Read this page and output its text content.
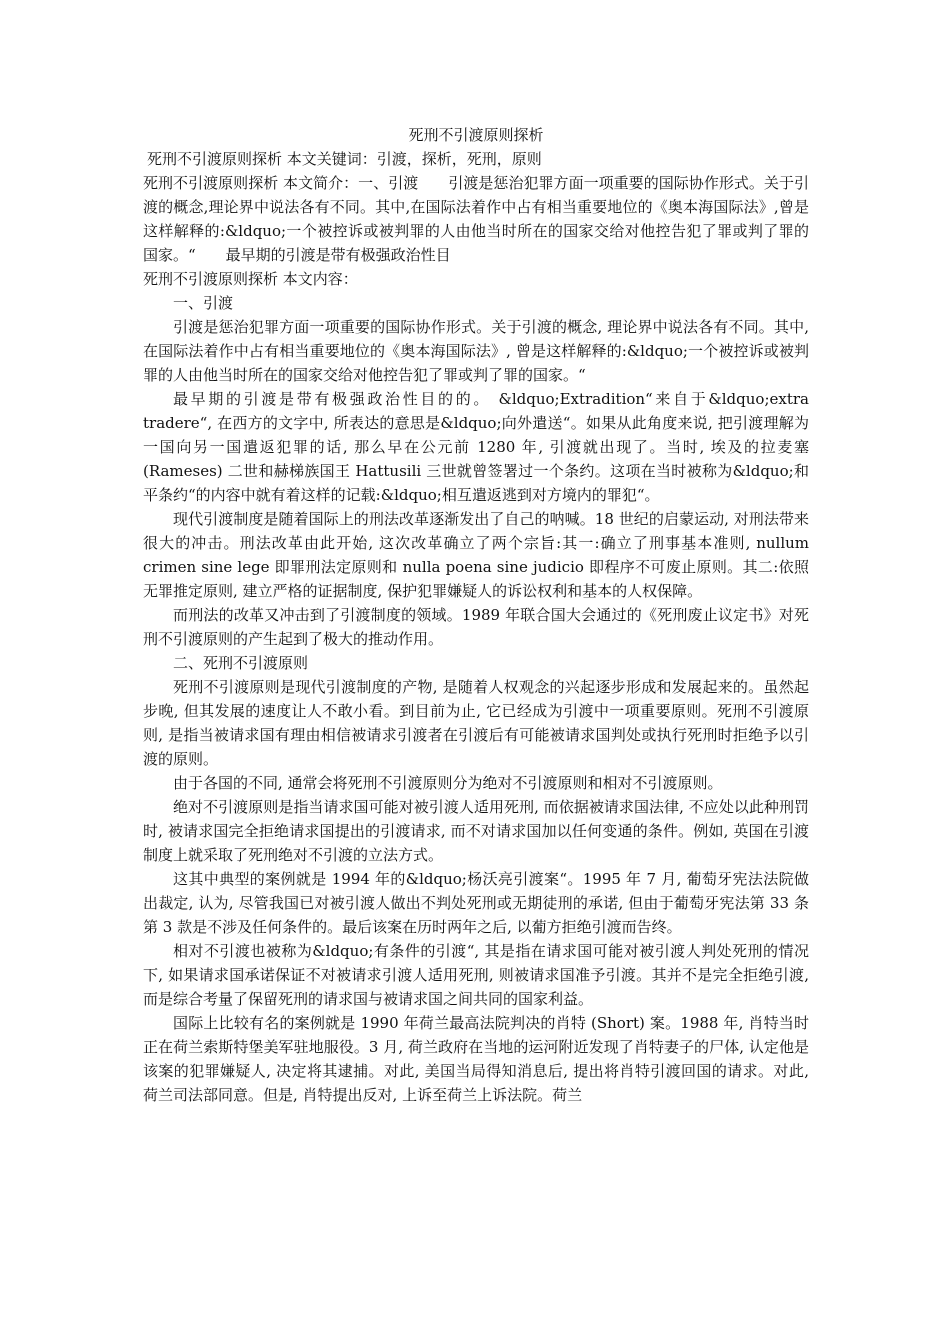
死刑不引渡原则探析

死刑不引渡原则探析 本文关键词：引渡，探析，死刑，原则

死刑不引渡原则探析 本文简介：一、引渡　　引渡是惩治犯罪方面一项重要的国际协作形式。关于引渡的概念,理论界中说法各有不同。其中,在国际法着作中占有相当重要地位的《奥本海国际法》,曾是这样解释的:&ldquo;一个被控诉或被判罪的人由他当时所在的国家交给对他控告犯了罪或判了罪的国家。“　　最早期的引渡是带有极强政治性目

死刑不引渡原则探析 本文内容：

一、引渡

引渡是惩治犯罪方面一项重要的国际协作形式。关于引渡的概念, 理论界中说法各有不同。其中, 在国际法着作中占有相当重要地位的《奥本海国际法》, 曾是这样解释的:&ldquo;一个被控诉或被判罪的人由他当时所在的国家交给对他控告犯了罪或判了罪的国家。“

最早期的引渡是带有极强政治性目的的。 &ldquo;Extradition“来自于&ldquo;extra tradere“, 在西方的文字中, 所表达的意思是&ldquo;向外遣送“。如果从此角度来说, 把引渡理解为一国向另一国遣返犯罪的话, 那么早在公元前 1280 年, 引渡就出现了。当时, 埃及的拉麦塞 (Rameses) 二世和赫梯族国王 Hattusili 三世就曾签署过一个条约。这项在当时被称为&ldquo;和平条约“的内容中就有着这样的记载:&ldquo;相互遣返逃到对方境内的罪犯“。

现代引渡制度是随着国际上的刑法改革逐渐发出了自己的呐喊。18 世纪的启蒙运动, 对刑法带来很大的冲击。刑法改革由此开始, 这次改革确立了两个宗旨:其一:确立了刑事基本准则, nullum crimen sine lege 即罪刑法定原则和 nulla poena sine judicio 即程序不可废止原则。其二:依照无罪推定原则, 建立严格的证据制度, 保护犯罪嫌疑人的诉讼权利和基本的人权保障。

而刑法的改革又冲击到了引渡制度的领域。1989 年联合国大会通过的《死刑废止议定书》对死刑不引渡原则的产生起到了极大的推动作用。

二、死刑不引渡原则

死刑不引渡原则是现代引渡制度的产物, 是随着人权观念的兴起逐步形成和发展起来的。虽然起步晚, 但其发展的速度让人不敢小看。到目前为止, 它已经成为引渡中一项重要原则。死刑不引渡原则, 是指当被请求国有理由相信被请求引渡者在引渡后有可能被请求国判处或执行死刑时拒绝予以引渡的原则。

由于各国的不同, 通常会将死刑不引渡原则分为绝对不引渡原则和相对不引渡原则。

绝对不引渡原则是指当请求国可能对被引渡人适用死刑, 而依据被请求国法律, 不应处以此种刑罚时, 被请求国完全拒绝请求国提出的引渡请求, 而不对请求国加以任何变通的条件。例如, 英国在引渡制度上就采取了死刑绝对不引渡的立法方式。

这其中典型的案例就是 1994 年的&ldquo;杨沃亮引渡案“。1995 年 7 月, 葡萄牙宪法法院做出裁定, 认为, 尽管我国已对被引渡人做出不判处死刑或无期徒刑的承诺, 但由于葡萄牙宪法第 33 条第 3 款是不涉及任何条件的。最后该案在历时两年之后, 以葡方拒绝引渡而告终。

相对不引渡也被称为&ldquo;有条件的引渡“, 其是指在请求国可能对被引渡人判处死刑的情况下, 如果请求国承诺保证不对被请求引渡人适用死刑, 则被请求国准予引渡。其并不是完全拒绝引渡, 而是综合考量了保留死刑的请求国与被请求国之间共同的国家利益。

国际上比较有名的案例就是 1990 年荷兰最高法院判决的肖特 (Short) 案。1988 年, 肖特当时正在荷兰索斯特堡美军驻地服役。3 月, 荷兰政府在当地的运河附近发现了肖特妻子的尸体, 认定他是该案的犯罪嫌疑人, 决定将其逮捕。对此, 美国当局得知消息后, 提出将肖特引渡回国的请求。对此, 荷兰司法部同意。但是, 肖特提出反对, 上诉至荷兰上诉法院。荷兰
